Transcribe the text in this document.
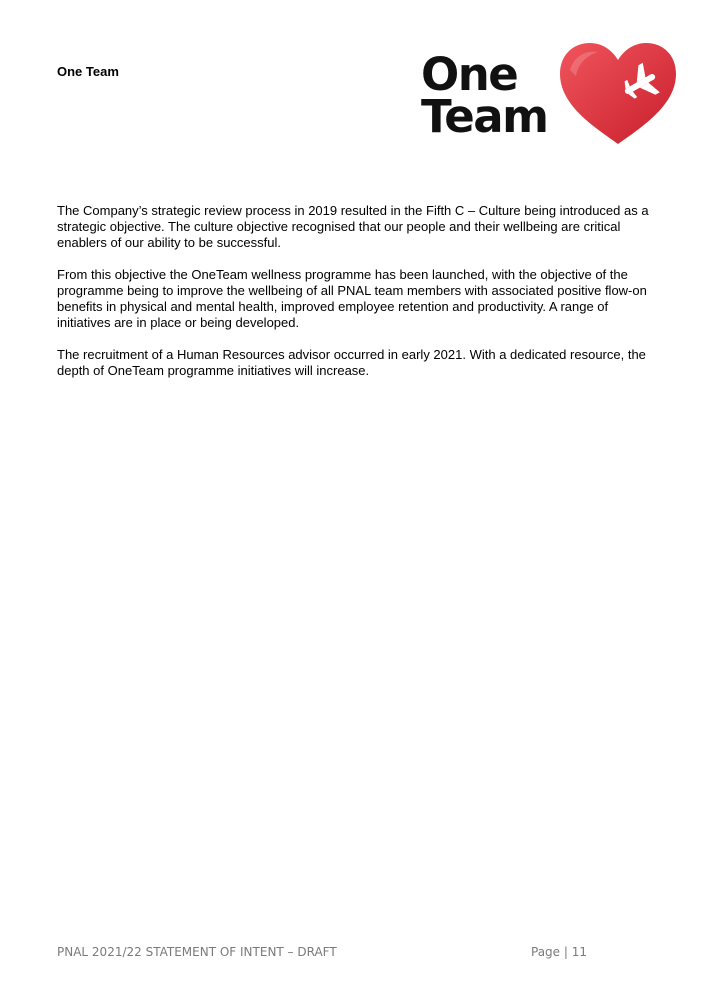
One Team	One
Team

The Company’s strategic review process in 2019 resulted in the Fifth C – Culture being introduced as a strategic objective. The culture objective recognised that our people and their wellbeing are critical enablers of our ability to be successful.

From this objective the OneTeam wellness programme has been launched, with the objective of the programme being to improve the wellbeing of all PNAL team members with associated positive flow-on benefits in physical and mental health, improved employee retention and productivity. A range of initiatives are in place or being developed.

The recruitment of a Human Resources advisor occurred in early 2021. With a dedicated resource, the depth of OneTeam programme initiatives will increase.

PNAL 2021/22 STATEMENT OF INTENT – DRAFT	Page | 11
